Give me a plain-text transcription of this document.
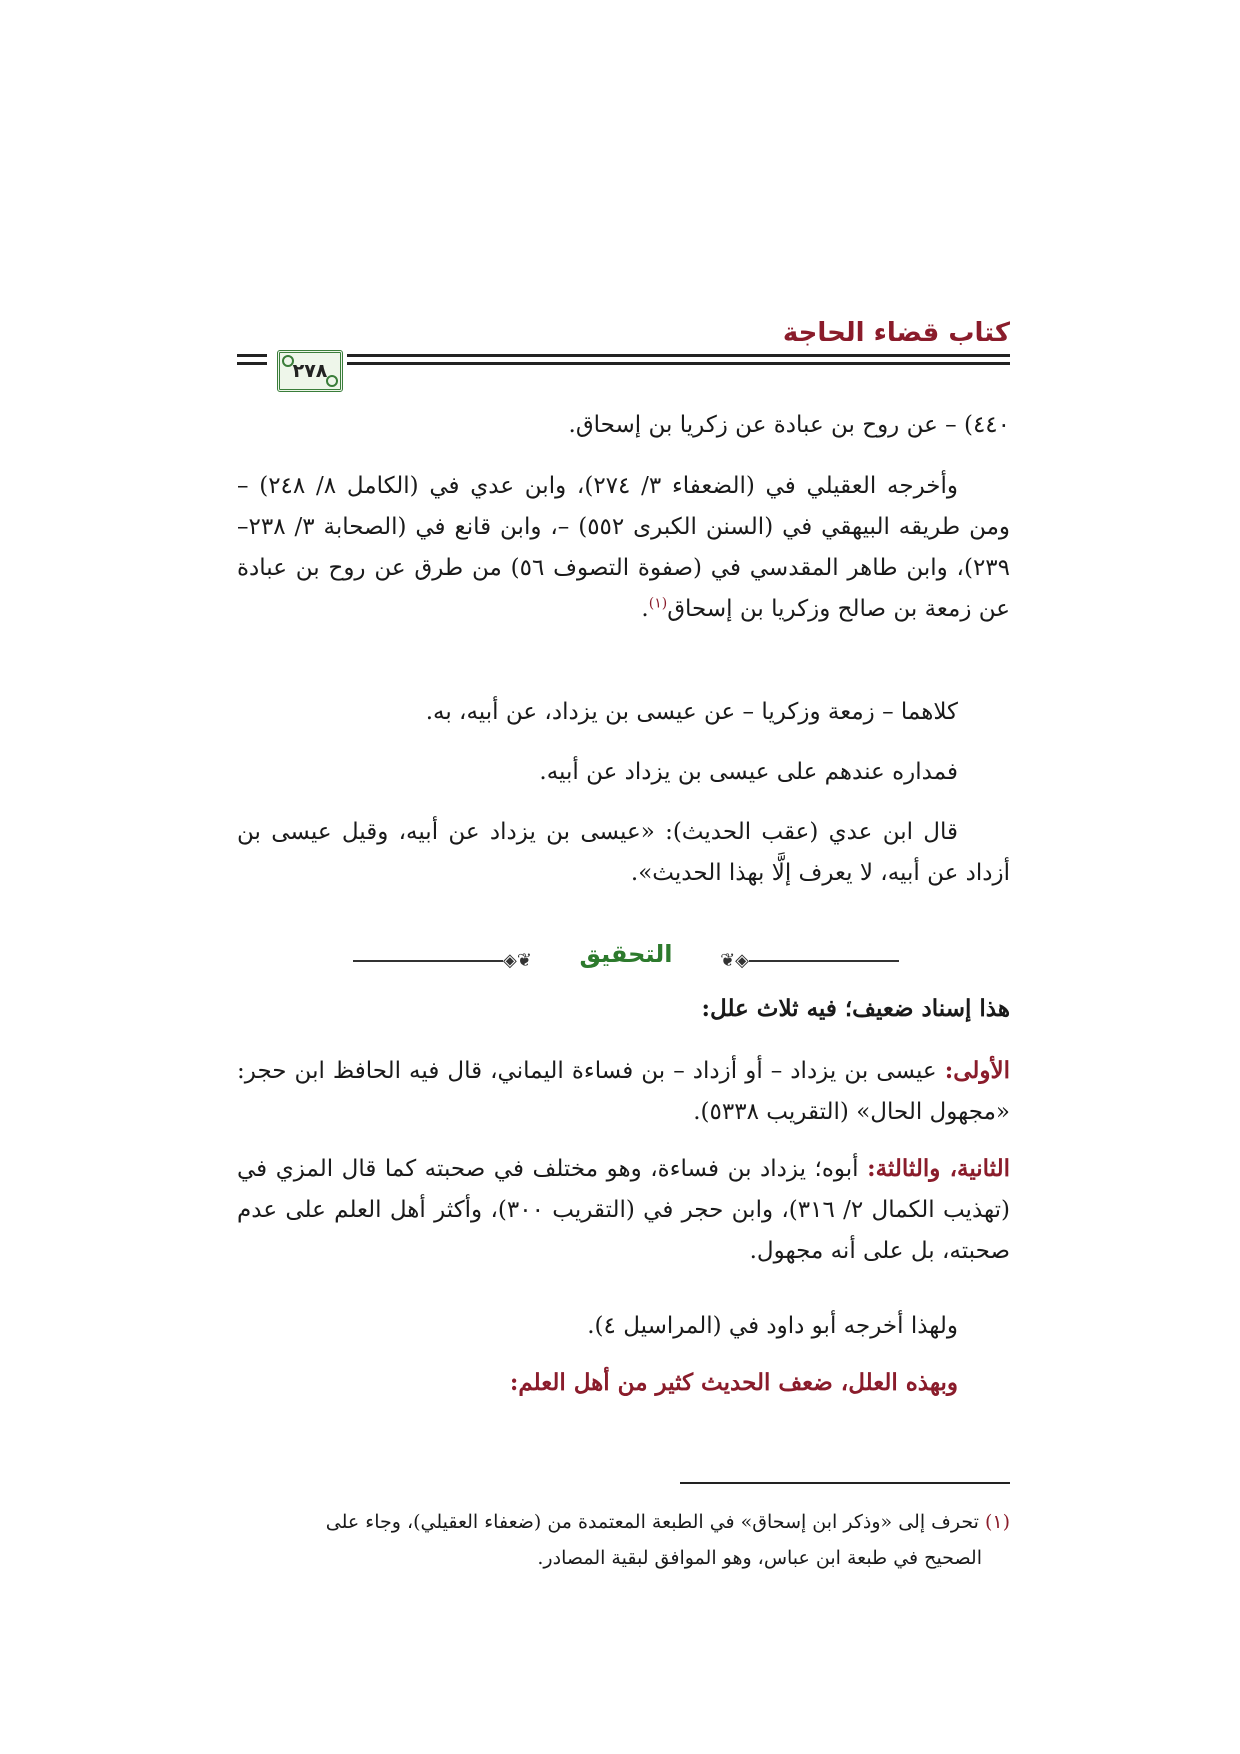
كتاب قضاء الحاجة
٢٧٨

٤٤٠) – عن روح بن عبادة عن زكريا بن إسحاق.

وأخرجه العقيلي في (الضعفاء ٣/ ٢٧٤)، وابن عدي في (الكامل ٨/ ٢٤٨) – ومن طريقه البيهقي في (السنن الكبرى ٥٥٢) –، وابن قانع في (الصحابة ٣/ ٢٣٨– ٢٣٩)، وابن طاهر المقدسي في (صفوة التصوف ٥٦) من طرق عن روح بن عبادة عن زمعة بن صالح وزكريا بن إسحاق$^{(١)}$.

كلاهما – زمعة وزكريا – عن عيسى بن يزداد، عن أبيه، به.

فمداره عندهم على عيسى بن يزداد عن أبيه.

قال ابن عدي (عقب الحديث): «عيسى بن يزداد عن أبيه، وقيل عيسى بن أزداد عن أبيه، لا يعرف إلَّا بهذا الحديث».

◈❦	التحقيق	❦◈

هذا إسناد ضعيف؛ فيه ثلاث علل:

الأولى: عيسى بن يزداد – أو أزداد – بن فساءة اليماني، قال فيه الحافظ ابن حجر: «مجهول الحال» (التقريب ٥٣٣٨).

الثانية، والثالثة: أبوه؛ يزداد بن فساءة، وهو مختلف في صحبته كما قال المزي في (تهذيب الكمال ٢/ ٣١٦)، وابن حجر في (التقريب ٣٠٠)، وأكثر أهل العلم على عدم صحبته، بل على أنه مجهول.

ولهذا أخرجه أبو داود في (المراسيل ٤).

وبهذه العلل، ضعف الحديث كثير من أهل العلم:

(١) تحرف إلى «وذكر ابن إسحاق» في الطبعة المعتمدة من (ضعفاء العقيلي)، وجاء على
الصحيح في طبعة ابن عباس، وهو الموافق لبقية المصادر.
